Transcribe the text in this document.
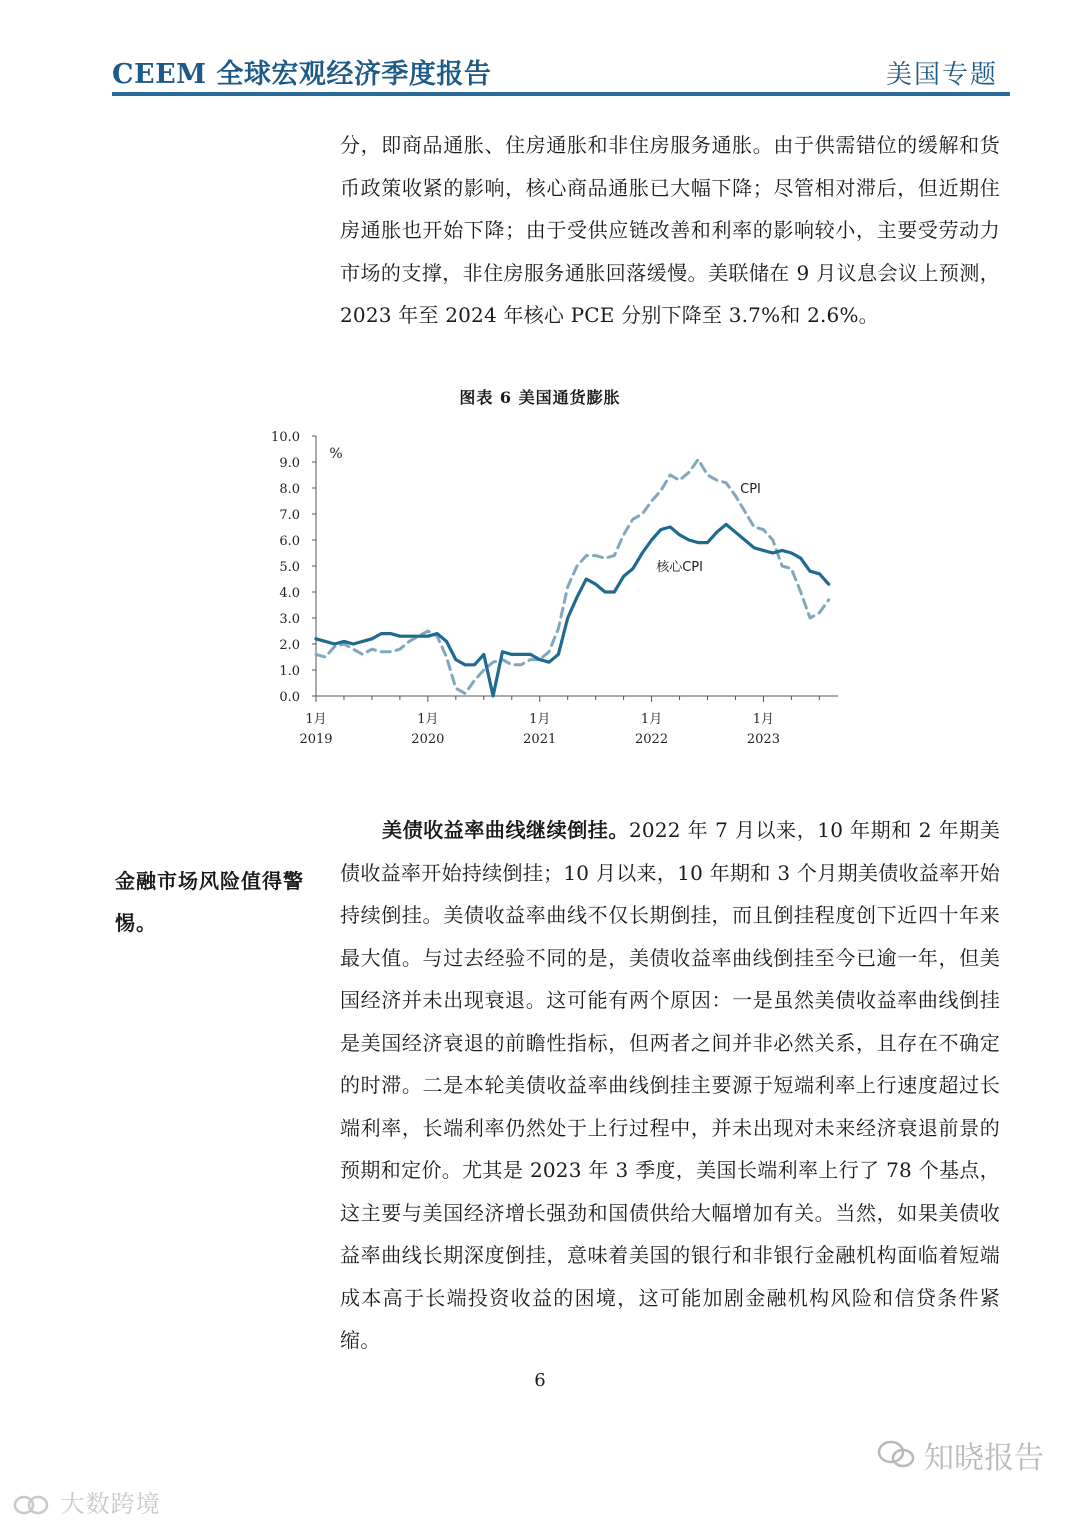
CEEM 全球宏观经济季度报告	美国专题

分，即商品通胀、住房通胀和非住房服务通胀。由于供需错位的缓解和货币政策收紧的影响，核心商品通胀已大幅下降；尽管相对滞后，但近期住房通胀也开始下降；由于受供应链改善和利率的影响较小，主要受劳动力市场的支撑，非住房服务通胀回落缓慢。美联储在 9 月议息会议上预测，2023 年至 2024 年核心 PCE 分别下降至 3.7%和 2.6%。

图表 6 美国通货膨胀
0.0
1.0
2.0
3.0
4.0
5.0
6.0
7.0
8.0
9.0
10.0
1月
2019
1月
2020
1月
2021
1月
2022
1月
2023
%
CPI
核心CPI
美债收益率曲线继续倒挂。2022 年 7 月以来，10 年期和 2 年期美债收益率开始持续倒挂；10 月以来，10 年期和 3 个月期美债收益率开始持续倒挂。美债收益率曲线不仅长期倒挂，而且倒挂程度创下近四十年来最大值。与过去经验不同的是，美债收益率曲线倒挂至今已逾一年，但美国经济并未出现衰退。这可能有两个原因：一是虽然美债收益率曲线倒挂是美国经济衰退的前瞻性指标，但两者之间并非必然关系，且存在不确定的时滞。二是本轮美债收益率曲线倒挂主要源于短端利率上行速度超过长端利率，长端利率仍然处于上行过程中，并未出现对未来经济衰退前景的预期和定价。尤其是 2023 年 3 季度，美国长端利率上行了 78 个基点，这主要与美国经济增长强劲和国债供给大幅增加有关。当然，如果美债收益率曲线长期深度倒挂，意味着美国的银行和非银行金融机构面临着短端成本高于长端投资收益的困境，这可能加剧金融机构风险和信贷条件紧缩。
金融市场风险值得警惕。
6
大数跨境
知晓报告
